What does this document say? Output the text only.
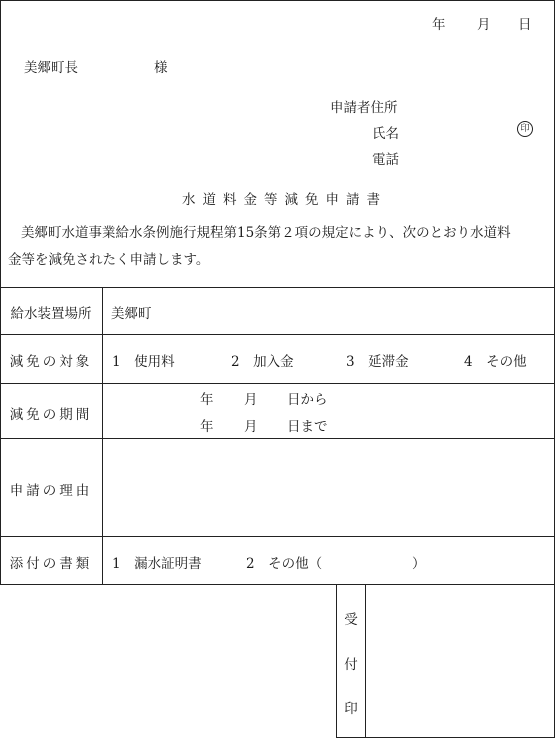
年 月 日
美郷町長	様
申請者住所
氏名	印
電話
水道料金等減免申請書
美郷町水道事業給水条例施行規程第15条第２項の規定により、次のとおり水道料
金等を減免されたく申請します。
給水装置場所	美郷町
減免の対象	1　使用料	2　加入金	3　延滞金	4　その他
減免の期間
年 月 日から
年 月 日まで
申請の理由
添付の書類	1　漏水証明書	2　その他（	）
受
付
印
